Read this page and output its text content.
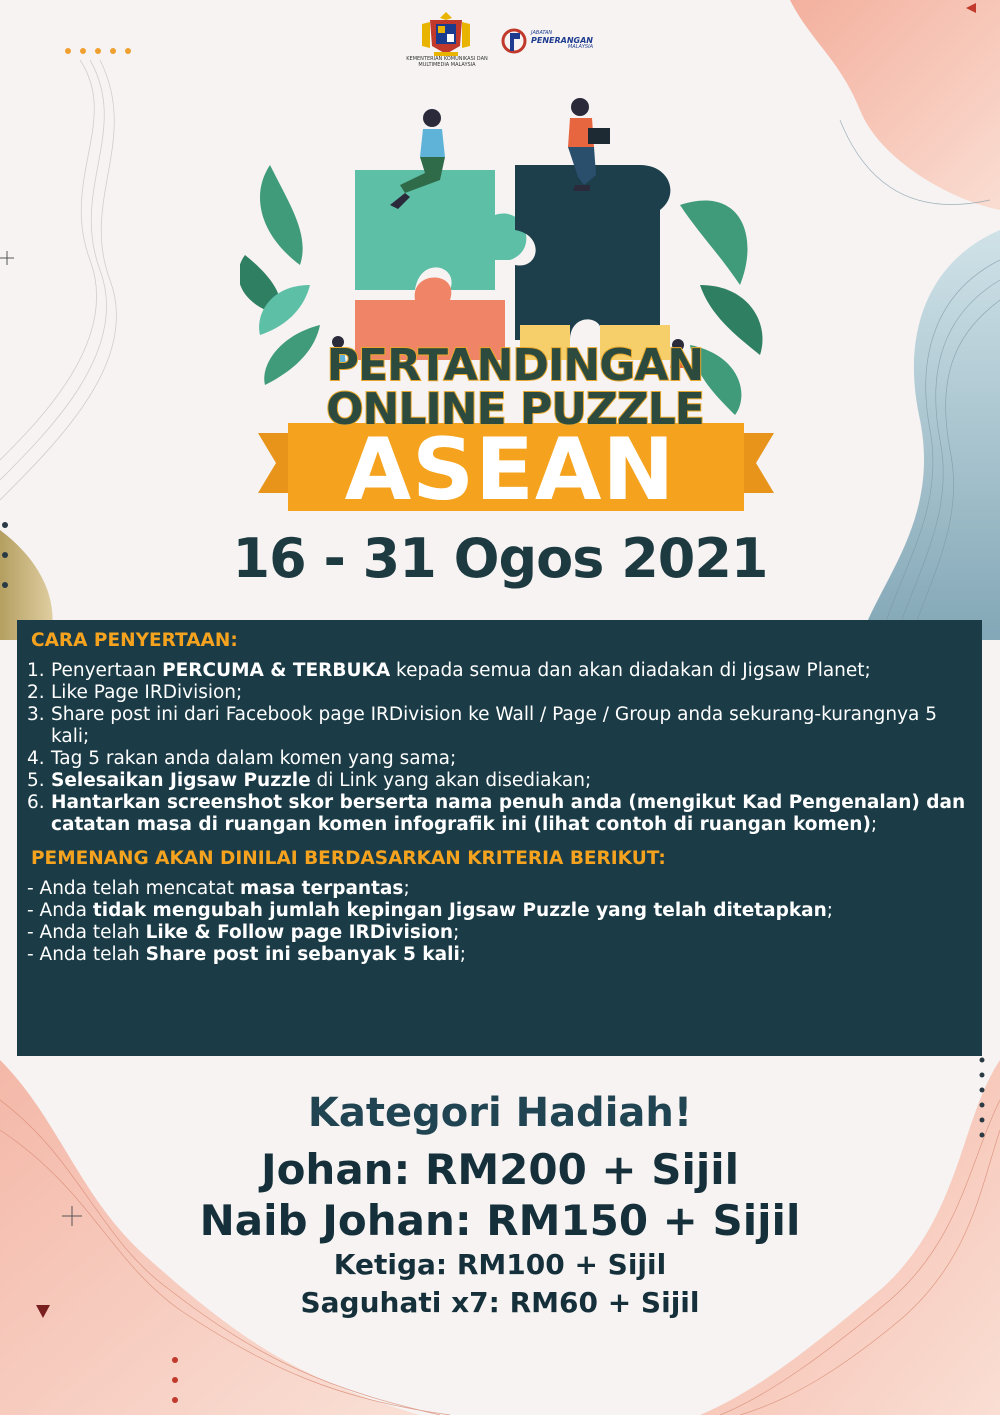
KEMENTERIAN KOMUNIKASI DAN MULTIMEDIA MALAYSIA
JABATAN
PENERANGAN
MALAYSIA
PERTANDINGAN
ONLINE PUZZLE
ASEAN
16 - 31 Ogos 2021
CARA PENYERTAAN:
1. Penyertaan PERCUMA & TERBUKA kepada semua dan akan diadakan di Jigsaw Planet;
2. Like Page IRDivision;
3. Share post ini dari Facebook page IRDivision ke Wall / Page / Group anda sekurang-kurangnya 5 kali;
4. Tag 5 rakan anda dalam komen yang sama;
5. Selesaikan Jigsaw Puzzle di Link yang akan disediakan;
6. Hantarkan screenshot skor berserta nama penuh anda (mengikut Kad Pengenalan) dan catatan masa di ruangan komen infografik ini (lihat contoh di ruangan komen);
PEMENANG AKAN DINILAI BERDASARKAN KRITERIA BERIKUT:
- Anda telah mencatat masa terpantas;
- Anda tidak mengubah jumlah kepingan Jigsaw Puzzle yang telah ditetapkan;
- Anda telah Like & Follow page IRDivision;
- Anda telah Share post ini sebanyak 5 kali;
Kategori Hadiah!
Johan: RM200 + Sijil
Naib Johan: RM150 + Sijil
Ketiga: RM100 + Sijil
Saguhati x7: RM60 + Sijil
